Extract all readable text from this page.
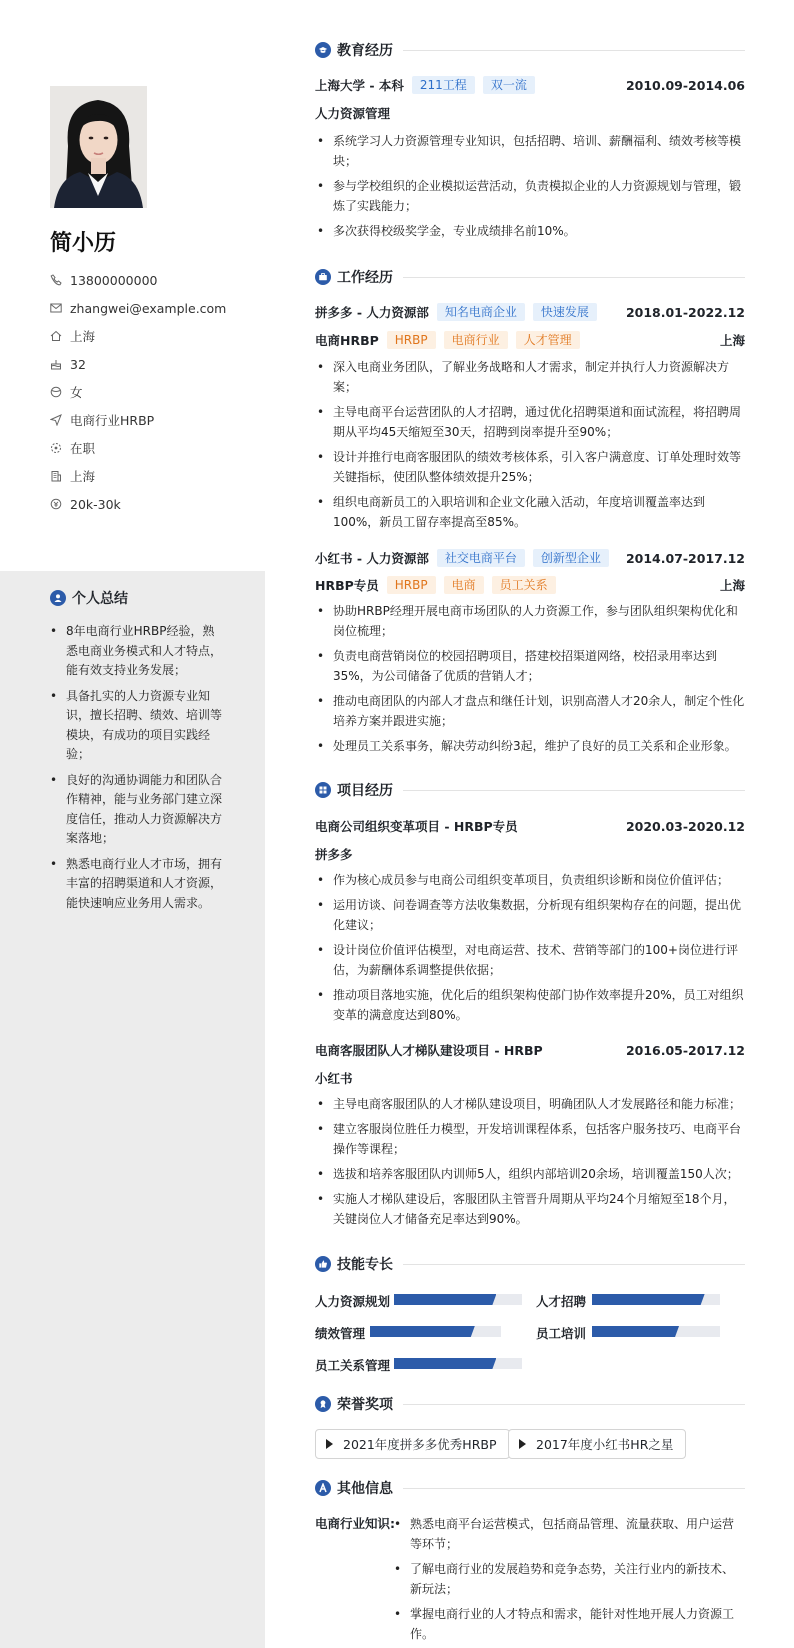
简小历
13800000000
zhangwei@example.com
上海
32
女
电商行业HRBP
在职
上海
20k-30k
个人总结
• 8年电商行业HRBP经验，熟悉电商业务模式和人才特点，能有效支持业务发展；
• 具备扎实的人力资源专业知识，擅长招聘、绩效、培训等模块，有成功的项目实践经验；
• 良好的沟通协调能力和团队合作精神，能与业务部门建立深度信任，推动人力资源解决方案落地；
• 熟悉电商行业人才市场，拥有丰富的招聘渠道和人才资源，能快速响应业务用人需求。
教育经历
上海大学 - 本科	211工程	双一流	2010.09-2014.06
人力资源管理
• 系统学习人力资源管理专业知识，包括招聘、培训、薪酬福利、绩效考核等模块；
• 参与学校组织的企业模拟运营活动，负责模拟企业的人力资源规划与管理，锻炼了实践能力；
• 多次获得校级奖学金，专业成绩排名前10%。
工作经历
拼多多 - 人力资源部	知名电商企业	快速发展	2018.01-2022.12
电商HRBP	HRBP	电商行业	人才管理	上海
• 深入电商业务团队，了解业务战略和人才需求，制定并执行人力资源解决方案；
• 主导电商平台运营团队的人才招聘，通过优化招聘渠道和面试流程，将招聘周期从平均45天缩短至30天，招聘到岗率提升至90%；
• 设计并推行电商客服团队的绩效考核体系，引入客户满意度、订单处理时效等关键指标，使团队整体绩效提升25%；
• 组织电商新员工的入职培训和企业文化融入活动，年度培训覆盖率达到100%，新员工留存率提高至85%。
小红书 - 人力资源部	社交电商平台	创新型企业	2014.07-2017.12
HRBP专员	HRBP	电商	员工关系	上海
• 协助HRBP经理开展电商市场团队的人力资源工作，参与团队组织架构优化和岗位梳理；
• 负责电商营销岗位的校园招聘项目，搭建校招渠道网络，校招录用率达到35%，为公司储备了优质的营销人才；
• 推动电商团队的内部人才盘点和继任计划，识别高潜人才20余人，制定个性化培养方案并跟进实施；
• 处理员工关系事务，解决劳动纠纷3起，维护了良好的员工关系和企业形象。
项目经历
电商公司组织变革项目 - HRBP专员	2020.03-2020.12
拼多多
• 作为核心成员参与电商公司组织变革项目，负责组织诊断和岗位价值评估；
• 运用访谈、问卷调查等方法收集数据，分析现有组织架构存在的问题，提出优化建议；
• 设计岗位价值评估模型，对电商运营、技术、营销等部门的100+岗位进行评估，为薪酬体系调整提供依据；
• 推动项目落地实施，优化后的组织架构使部门协作效率提升20%，员工对组织变革的满意度达到80%。
电商客服团队人才梯队建设项目 - HRBP	2016.05-2017.12
小红书
• 主导电商客服团队的人才梯队建设项目，明确团队人才发展路径和能力标准；
• 建立客服岗位胜任力模型，开发培训课程体系，包括客户服务技巧、电商平台操作等课程；
• 选拔和培养客服团队内训师5人，组织内部培训20余场，培训覆盖150人次；
• 实施人才梯队建设后，客服团队主管晋升周期从平均24个月缩短至18个月，关键岗位人才储备充足率达到90%。
技能专长
人力资源规划	人才招聘
绩效管理	员工培训
员工关系管理
荣誉奖项
2021年度拼多多优秀HRBP	2017年度小红书HR之星
其他信息
电商行业知识:
•	熟悉电商平台运营模式，包括商品管理、流量获取、用户运营等环节；
• 了解电商行业的发展趋势和竞争态势，关注行业内的新技术、新玩法；
• 掌握电商行业的人才特点和需求，能针对性地开展人力资源工作。
